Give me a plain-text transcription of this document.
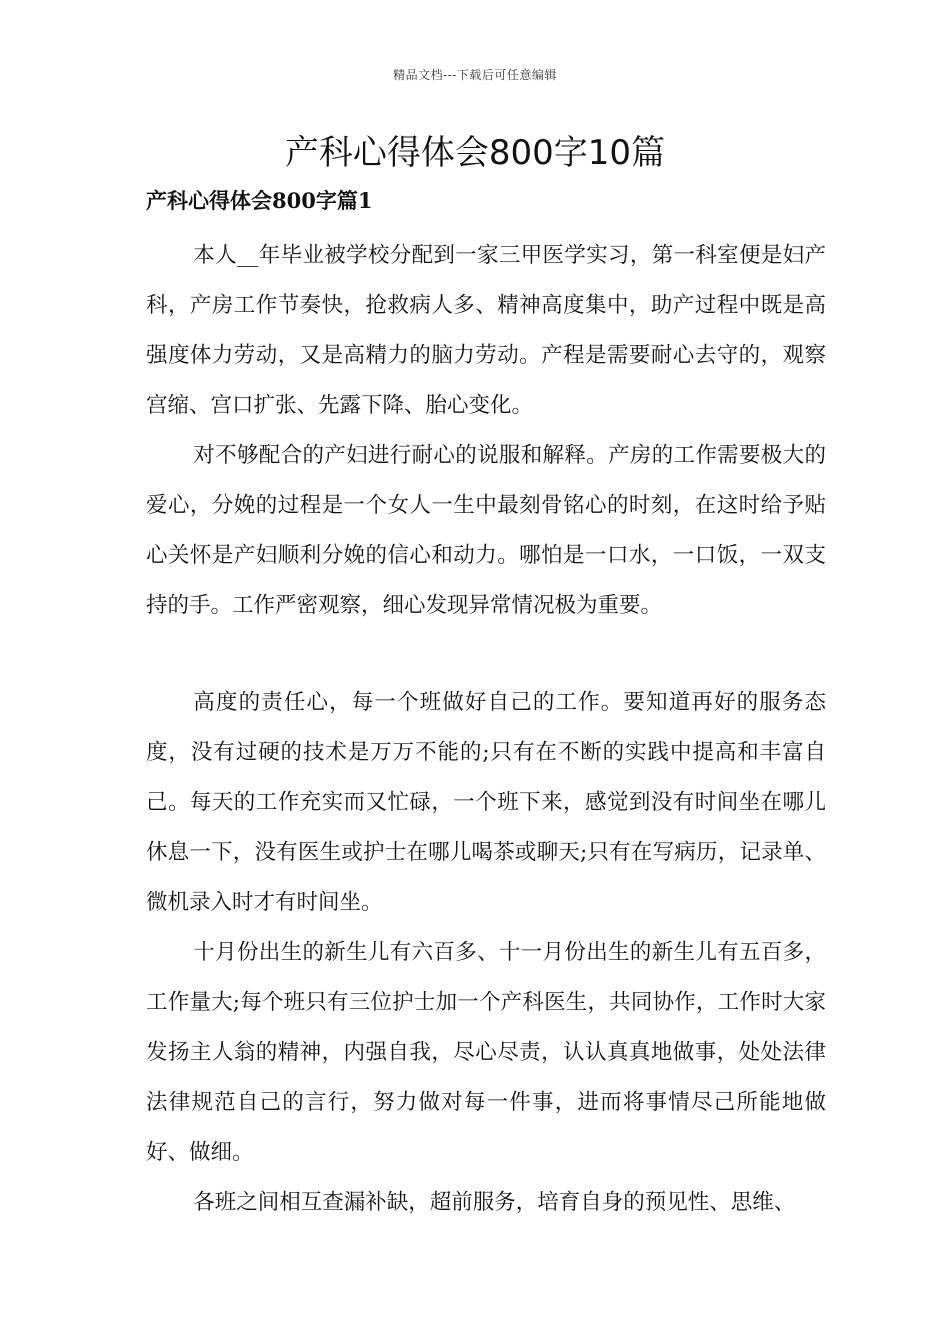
精品文档---下载后可任意编辑
产科心得体会800字10篇
产科心得体会800字篇1

本人__年毕业被学校分配到一家三甲医学实习，第一科室便是妇产科，产房工作节奏快，抢救病人多、精神高度集中，助产过程中既是高强度体力劳动，又是高精力的脑力劳动。产程是需要耐心去守的，观察宫缩、宫口扩张、先露下降、胎心变化。

对不够配合的产妇进行耐心的说服和解释。产房的工作需要极大的爱心，分娩的过程是一个女人一生中最刻骨铭心的时刻，在这时给予贴心关怀是产妇顺利分娩的信心和动力。哪怕是一口水，一口饭，一双支持的手。工作严密观察，细心发现异常情况极为重要。

高度的责任心，每一个班做好自己的工作。要知道再好的服务态度，没有过硬的技术是万万不能的;只有在不断的实践中提高和丰富自己。每天的工作充实而又忙碌，一个班下来，感觉到没有时间坐在哪儿休息一下，没有医生或护士在哪儿喝茶或聊天;只有在写病历，记录单、微机录入时才有时间坐。

十月份出生的新生儿有六百多、十一月份出生的新生儿有五百多，工作量大;每个班只有三位护士加一个产科医生，共同协作，工作时大家发扬主人翁的精神，内强自我，尽心尽责，认认真真地做事，处处法律法律规范自己的言行，努力做对每一件事，进而将事情尽己所能地做好、做细。

各班之间相互查漏补缺，超前服务，培育自身的预见性、思维、
